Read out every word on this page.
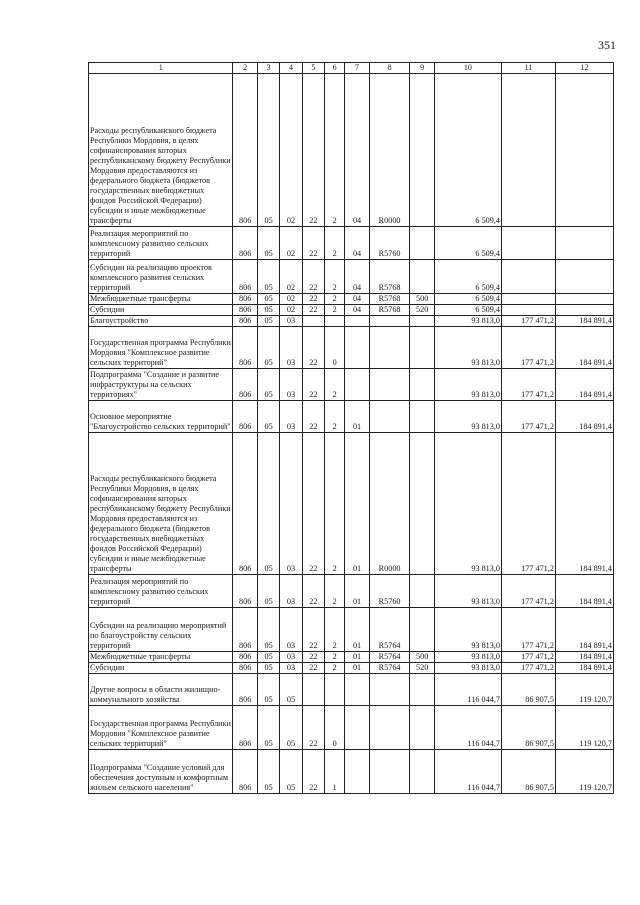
351
1	2	3	4	5	6	7	8	9	10	11	12
Расходы республиканского бюджета Республики Мордовия, в целях софинансирования которых республиканскому бюджету Республики Мордовия предоставляются из федерального бюджета (бюджетов государственных внебюджетных фондов Российской Федерации) субсидии и иные межбюджетные трансферты	806	05	02	22	2	04	R0000		6 509,4		
Реализация мероприятий по комплексному развитию сельских территорий	806	05	02	22	2	04	R5760		6 509,4		
Субсидии на реализацию проектов комплексного развития сельских территорий	806	05	02	22	2	04	R5768		6 509,4		
Межбюджетные трансферты	806	05	02	22	2	04	R5768	500	6 509,4		
Субсидии	806	05	02	22	2	04	R5768	520	6 509,4		
Благоустройство	806	05	03						93 813,0	177 471,2	184 891,4
Государственная программа Республики Мордовия "Комплексное развитие сельских территорий"	806	05	03	22	0				93 813,0	177 471,2	184 891,4
Подпрограмма "Создание и развитие инфраструктуры на сельских территориях"	806	05	03	22	2				93 813,0	177 471,2	184 891,4
Основное мероприятие "Благоустройство сельских территорий"	806	05	03	22	2	01			93 813,0	177 471,2	184 891,4
Расходы республиканского бюджета Республики Мордовия, в целях софинансирования которых республиканскому бюджету Республики Мордовия предоставляются из федерального бюджета (бюджетов государственных внебюджетных фондов Российской Федерации) субсидии и иные межбюджетные трансферты	806	05	03	22	2	01	R0000		93 813,0	177 471,2	184 891,4
Реализация мероприятий по комплексному развитию сельских территорий	806	05	03	22	2	01	R5760		93 813,0	177 471,2	184 891,4
Субсидии на реализацию мероприятий по благоустройству сельских территорий	806	05	03	22	2	01	R5764		93 813,0	177 471,2	184 891,4
Межбюджетные трансферты	806	05	03	22	2	01	R5764	500	93 813,0	177 471,2	184 891,4
Субсидии	806	05	03	22	2	01	R5764	520	93 813,0	177 471,2	184 891,4
Другие вопросы в области жилищно-коммунального хозяйства	806	05	05						116 044,7	86 907,5	119 120,7
Государственная программа Республики Мордовия "Комплексное развитие сельских территорий"	806	05	05	22	0				116 044,7	86 907,5	119 120,7
Подпрограмма "Создание условий для обеспечения доступным и комфортным жильем сельского населения"	806	05	05	22	1				116 044,7	86 907,5	119 120,7
